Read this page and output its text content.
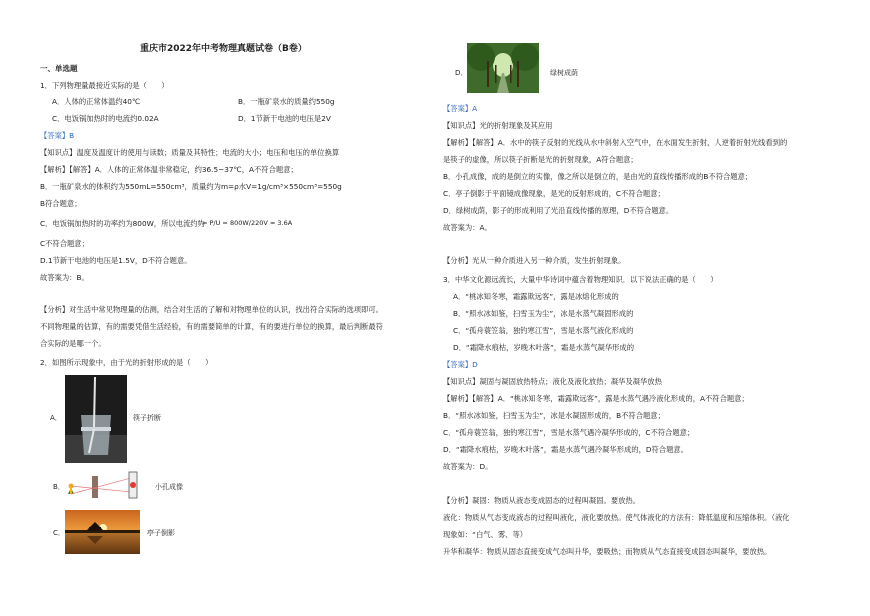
重庆市2022年中考物理真题试卷（B卷）
一、单选题
1．下列物理量最接近实际的是（　　）
A．人体的正常体温约40℃	B．一瓶矿泉水的质量约550g
C．电饭锅加热时的电流约0.02A	D．1节新干电池的电压是2V
【答案】B
【知识点】温度及温度计的使用与读数；质量及其特性；电流的大小；电压和电压的单位换算
【解析】【解答】A．人体的正常体温非常稳定，约36.5~37℃，A不符合题意；
B．一瓶矿泉水的体积约为550mL=550cm³，质量约为m=ρ水V=1g/cm³×550cm³=550g
B符合题意；
C．电饭锅加热时的功率约为800W，所以电流约为
I = P/U = 800W/220V ≈ 3.6A
C不符合题意；
D.1节新干电池的电压是1.5V，D不符合题意。
故答案为：B。
【分析】对生活中常见物理量的估测，结合对生活的了解和对物理单位的认识，找出符合实际的选项即可。
不同物理量的估算，有的需要凭借生活经验，有的需要简单的计算，有的要进行单位的换算，最后判断最符
合实际的是哪一个。
2．如图所示现象中，由于光的折射形成的是（　　）
A．	筷子折断
B．	小孔成像
C．	亭子倒影
D．	绿树成荫
【答案】A
【知识点】光的折射现象及其应用
【解析】【解答】A．水中的筷子反射的光线从水中斜射入空气中，在水面发生折射，人逆着折射光线看到的
是筷子的虚像，所以筷子折断是光的折射现象，A符合题意；
B．小孔成像，成的是倒立的实像，像之所以是倒立的，是由光的直线传播形成的B不符合题意；
C．亭子倒影于平面镜成像现象，是光的反射形成的，C不符合题意；
D．绿树成荫，影子的形成利用了光沿直线传播的原理，D不符合题意。
故答案为：A。
【分析】光从一种介质进入另一种介质，发生折射现象。
3．中华文化源远流长，大量中华诗词中蕴含着物理知识．以下说法正确的是（　　）
A．“桃冰知冬寒，霜露欺远客”，露是冰熔化形成的
B．“照水冰如鉴，扫雪玉为尘”，冰是水蒸气凝固形成的
C．“孤舟蓑笠翁，独钓寒江雪”，雪是水蒸气液化形成的
D．“霜降水痕枯，岁晚木叶落”，霜是水蒸气凝华形成的
【答案】D
【知识点】凝固与凝固放热特点；液化及液化放热；凝华及凝华放热
【解析】【解答】A．“桃冰知冬寒，霜露欺远客”，露是水蒸气遇冷液化形成的，A不符合题意；
B．“照水冰如鉴，扫雪玉为尘”，冰是水凝固形成的，B不符合题意；
C．“孤舟蓑笠翁，独钓寒江雪”，雪是水蒸气遇冷凝华形成的，C不符合题意；
D．“霜降水痕枯，岁晚木叶落”，霜是水蒸气遇冷凝华形成的，D符合题意。
故答案为：D。
【分析】凝固：物质从液态变成固态的过程叫凝固。要放热。
液化：物质从气态变成液态的过程叫液化，液化要放热。使气体液化的方法有：降低温度和压缩体积。（液化
现象如：“白气、雾、等）
升华和凝华：物质从固态直接变成气态叫升华，要吸热；而物质从气态直接变成固态叫凝华，要放热。
